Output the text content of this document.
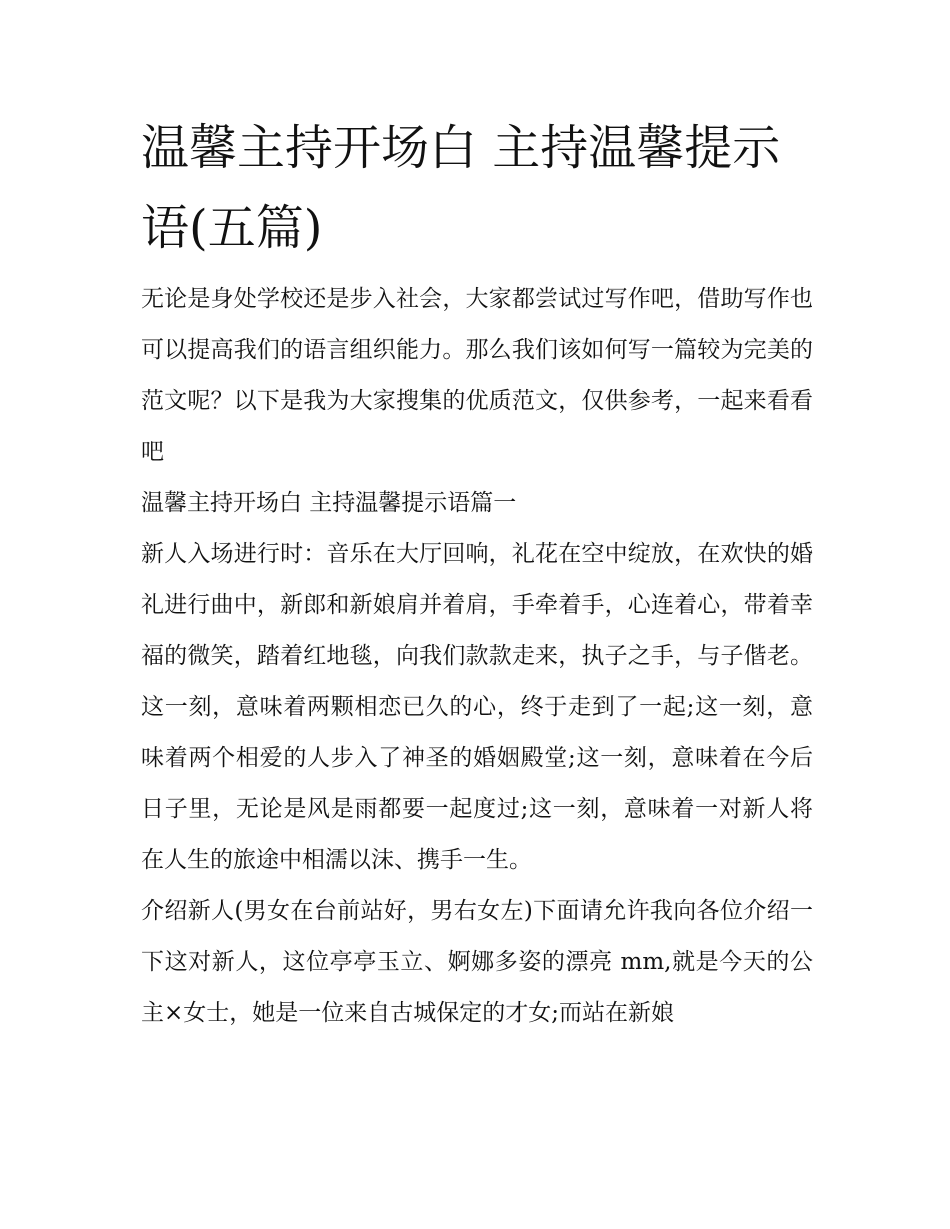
温馨主持开场白 主持温馨提示语(五篇)

无论是身处学校还是步入社会，大家都尝试过写作吧，借助写作也可以提高我们的语言组织能力。那么我们该如何写一篇较为完美的范文呢？以下是我为大家搜集的优质范文，仅供参考，一起来看看吧

温馨主持开场白 主持温馨提示语篇一

新人入场进行时：音乐在大厅回响，礼花在空中绽放，在欢快的婚礼进行曲中，新郎和新娘肩并着肩，手牵着手，心连着心，带着幸福的微笑，踏着红地毯，向我们款款走来，执子之手，与子偕老。这一刻，意味着两颗相恋已久的心，终于走到了一起;这一刻，意味着两个相爱的人步入了神圣的婚姻殿堂;这一刻，意味着在今后日子里，无论是风是雨都要一起度过;这一刻，意味着一对新人将在人生的旅途中相濡以沫、携手一生。

介绍新人(男女在台前站好，男右女左)下面请允许我向各位介绍一下这对新人，这位亭亭玉立、婀娜多姿的漂亮 mm,就是今天的公主×女士，她是一位来自古城保定的才女;而站在新娘
